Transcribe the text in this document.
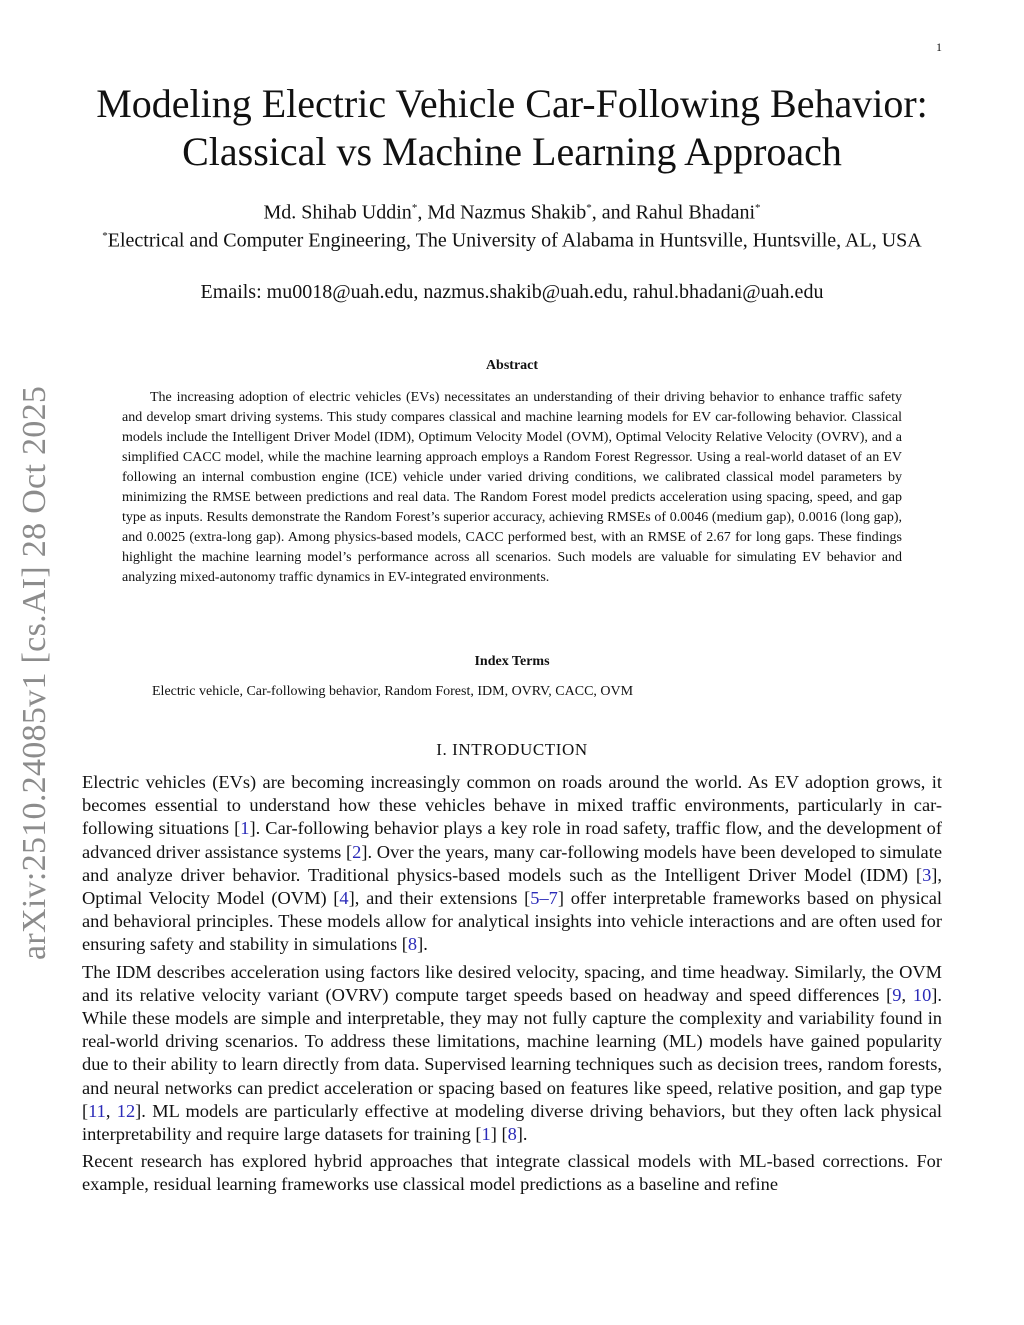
1
arXiv:2510.24085v1 [cs.AI] 28 Oct 2025
Modeling Electric Vehicle Car-Following Behavior:
Classical vs Machine Learning Approach
Md. Shihab Uddin*, Md Nazmus Shakib*, and Rahul Bhadani*
*Electrical and Computer Engineering, The University of Alabama in Huntsville, Huntsville, AL, USA
Emails: mu0018@uah.edu, nazmus.shakib@uah.edu, rahul.bhadani@uah.edu
Abstract

The increasing adoption of electric vehicles (EVs) necessitates an understanding of their driving behavior to enhance traffic safety and develop smart driving systems. This study compares classical and machine learning models for EV car-following behavior. Classical models include the Intelligent Driver Model (IDM), Optimum Velocity Model (OVM), Optimal Velocity Relative Velocity (OVRV), and a simplified CACC model, while the machine learning approach employs a Random Forest Regressor. Using a real-world dataset of an EV following an internal combustion engine (ICE) vehicle under varied driving conditions, we calibrated classical model parameters by minimizing the RMSE between predictions and real data. The Random Forest model predicts acceleration using spacing, speed, and gap type as inputs. Results demonstrate the Random Forest’s superior accuracy, achieving RMSEs of 0.0046 (medium gap), 0.0016 (long gap), and 0.0025 (extra-long gap). Among physics-based models, CACC performed best, with an RMSE of 2.67 for long gaps. These findings highlight the machine learning model’s performance across all scenarios. Such models are valuable for simulating EV behavior and analyzing mixed-autonomy traffic dynamics in EV-integrated environments.

Index Terms
Electric vehicle, Car-following behavior, Random Forest, IDM, OVRV, CACC, OVM
I. INTRODUCTION

Electric vehicles (EVs) are becoming increasingly common on roads around the world. As EV adoption grows, it becomes essential to understand how these vehicles behave in mixed traffic environments, particularly in car-following situations [1]. Car-following behavior plays a key role in road safety, traffic flow, and the development of advanced driver assistance systems [2]. Over the years, many car-following models have been developed to simulate and analyze driver behavior. Traditional physics-based models such as the Intelligent Driver Model (IDM) [3], Optimal Velocity Model (OVM) [4], and their extensions [5–7] offer interpretable frameworks based on physical and behavioral principles. These models allow for analytical insights into vehicle interactions and are often used for ensuring safety and stability in simulations [8].

The IDM describes acceleration using factors like desired velocity, spacing, and time headway. Similarly, the OVM and its relative velocity variant (OVRV) compute target speeds based on headway and speed differences [9, 10]. While these models are simple and interpretable, they may not fully capture the complexity and variability found in real-world driving scenarios. To address these limitations, machine learning (ML) models have gained popularity due to their ability to learn directly from data. Supervised learning techniques such as decision trees, random forests, and neural networks can predict acceleration or spacing based on features like speed, relative position, and gap type [11, 12]. ML models are particularly effective at modeling diverse driving behaviors, but they often lack physical interpretability and require large datasets for training [1] [8].

Recent research has explored hybrid approaches that integrate classical models with ML-based corrections. For example, residual learning frameworks use classical model predictions as a baseline and refine
